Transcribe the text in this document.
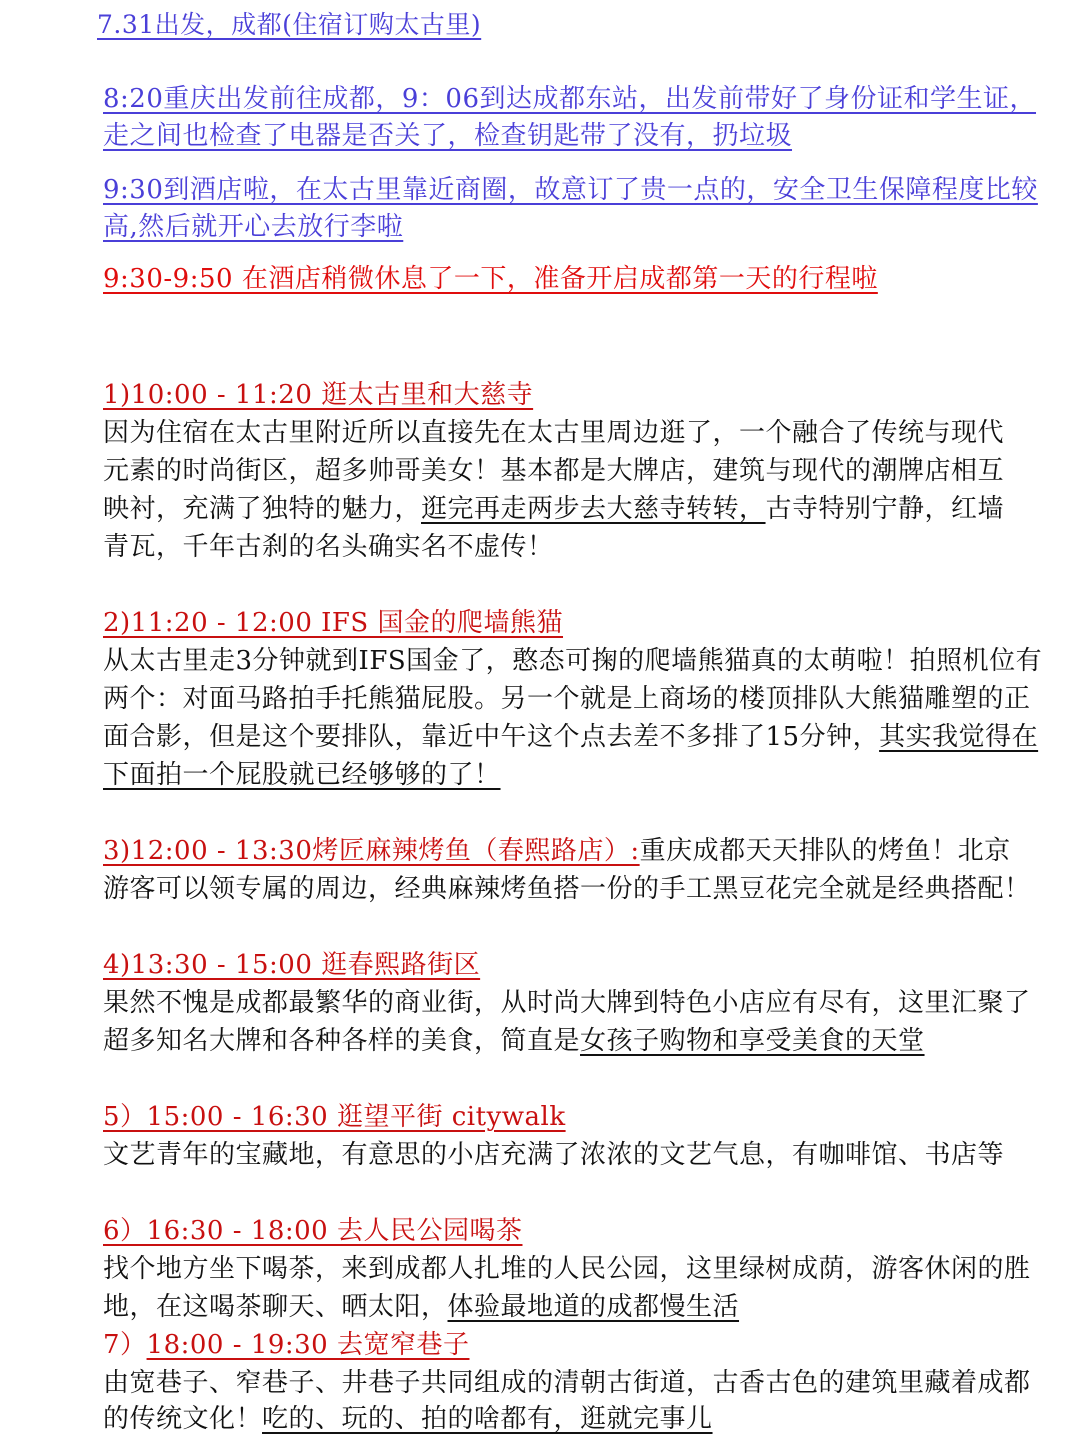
7.31出发，成都(住宿订购太古里)
8:20重庆出发前往成都，9：06到达成都东站，出发前带好了身份证和学生证，
走之间也检查了电器是否关了，检查钥匙带了没有，扔垃圾
9:30到酒店啦，在太古里靠近商圈，故意订了贵一点的，安全卫生保障程度比较
高,然后就开心去放行李啦
9:30-9:50 在酒店稍微休息了一下，准备开启成都第一天的行程啦
1)10:00 - 11:20 逛太古里和大慈寺
因为住宿在太古里附近所以直接先在太古里周边逛了，一个融合了传统与现代
元素的时尚街区，超多帅哥美女！基本都是大牌店，建筑与现代的潮牌店相互
映衬，充满了独特的魅力，逛完再走两步去大慈寺转转，古寺特别宁静，红墙
青瓦，千年古刹的名头确实名不虚传！
2)11:20 - 12:00 IFS 国金的爬墙熊猫
从太古里走3分钟就到IFS国金了，憨态可掬的爬墙熊猫真的太萌啦！拍照机位有
两个：对面马路拍手托熊猫屁股。另一个就是上商场的楼顶排队大熊猫雕塑的正
面合影，但是这个要排队，靠近中午这个点去差不多排了15分钟，其实我觉得在
下面拍一个屁股就已经够够的了！
3)12:00 - 13:30烤匠麻辣烤鱼（春熙路店）:重庆成都天天排队的烤鱼！北京
游客可以领专属的周边，经典麻辣烤鱼搭一份的手工黑豆花完全就是经典搭配！
4)13:30 - 15:00 逛春熙路街区
果然不愧是成都最繁华的商业街，从时尚大牌到特色小店应有尽有，这里汇聚了
超多知名大牌和各种各样的美食，简直是女孩子购物和享受美食的天堂
5）15:00 - 16:30 逛望平街 citywalk
文艺青年的宝藏地，有意思的小店充满了浓浓的文艺气息，有咖啡馆、书店等
6）16:30 - 18:00 去人民公园喝茶
找个地方坐下喝茶，来到成都人扎堆的人民公园，这里绿树成荫，游客休闲的胜
地，在这喝茶聊天、晒太阳，体验最地道的成都慢生活
7）18:00 - 19:30 去宽窄巷子
由宽巷子、窄巷子、井巷子共同组成的清朝古街道，古香古色的建筑里藏着成都
的传统文化！吃的、玩的、拍的啥都有，逛就完事儿
